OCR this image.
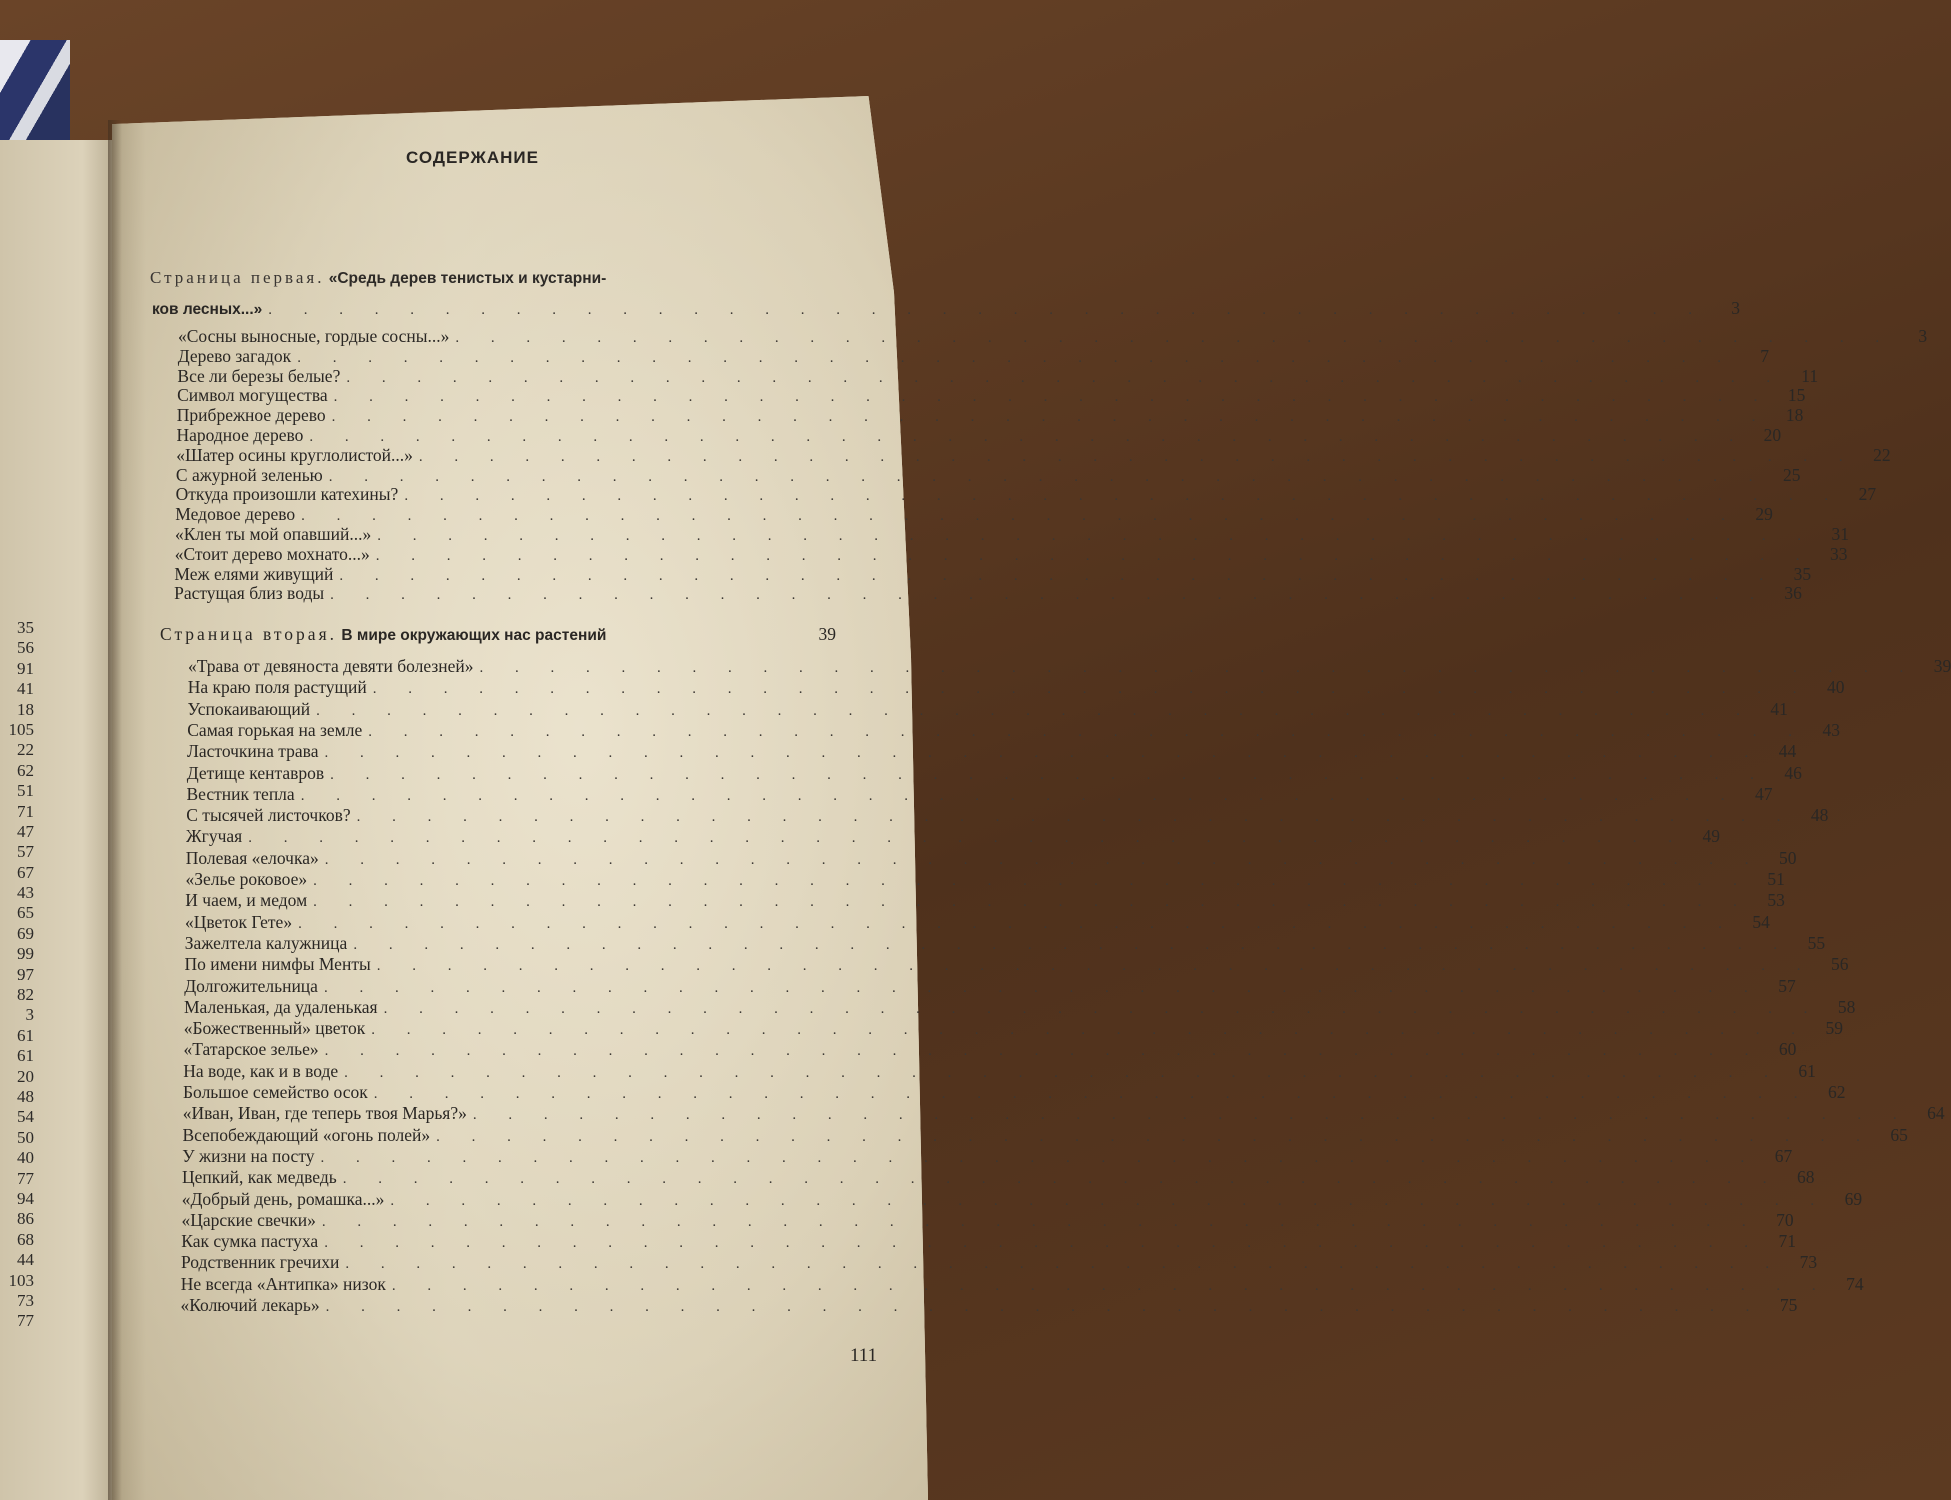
35
56
91
41
18
105
22
62
51
71
47
57
67
43
65
69
99
97
82
3
61
61
20
48
54
50
40
77
94
86
68
44
103
73
77
СОДЕРЖАНИЕ
Страница первая. «Средь дерев тенистых и кустарни-
ков лесных...» . . . . . . . . . . . . . . . . . . . . . . . . . . . . . . . . . . . . . . . . .	3
«Сосны выносные, гордые сосны...» . . . . . . . . . . . . . . . . . . . . . . . . . . . . . . . . . . . . . . . . .	3
Дерево загадок . . . . . . . . . . . . . . . . . . . . . . . . . . . . . . . . . . . . . . . . .	7
Все ли березы белые? . . . . . . . . . . . . . . . . . . . . . . . . . . . . . . . . . . . . . . . . . 11
Символ могущества . . . . . . . . . . . . . . . . . . . . . . . . . . . . . . . . . . . . . . . . . 15
Прибрежное дерево . . . . . . . . . . . . . . . . . . . . . . . . . . . . . . . . . . . . . . . . . 18
Народное дерево . . . . . . . . . . . . . . . . . . . . . . . . . . . . . . . . . . . . . . . . . 20
«Шатер осины круглолистой...» . . . . . . . . . . . . . . . . . . . . . . . . . . . . . . . . . . . . . . . . . 22
С ажурной зеленью . . . . . . . . . . . . . . . . . . . . . . . . . . . . . . . . . . . . . . . . . 25
Откуда произошли катехины? . . . . . . . . . . . . . . . . . . . . . . . . . . . . . . . . . . . . . . . . . 27
Медовое дерево . . . . . . . . . . . . . . . . . . . . . . . . . . . . . . . . . . . . . . . . . 29
«Клен ты мой опавший...» . . . . . . . . . . . . . . . . . . . . . . . . . . . . . . . . . . . . . . . . . 31
«Стоит дерево мохнато...» . . . . . . . . . . . . . . . . . . . . . . . . . . . . . . . . . . . . . . . . . 33
Меж елями живущий . . . . . . . . . . . . . . . . . . . . . . . . . . . . . . . . . . . . . . . . . 35
Растущая близ воды . . . . . . . . . . . . . . . . . . . . . . . . . . . . . . . . . . . . . . . . . 36
Страница вторая.
В мире окружающих нас растений	39
«Трава от девяноста девяти болезней» . . . . . . . . . . . . . . . . . . . . . . . . . . . . . . . . . . . . . . . . . 39
На краю поля растущий . . . . . . . . . . . . . . . . . . . . . . . . . . . . . . . . . . . . . . . . . 40
Успокаивающий . . . . . . . . . . . . . . . . . . . . . . . . . . . . . . . . . . . . . . . . . 41
Самая горькая на земле . . . . . . . . . . . . . . . . . . . . . . . . . . . . . . . . . . . . . . . . . 43
Ласточкина трава . . . . . . . . . . . . . . . . . . . . . . . . . . . . . . . . . . . . . . . . . 44
Детище кентавров . . . . . . . . . . . . . . . . . . . . . . . . . . . . . . . . . . . . . . . . . 46
Вестник тепла . . . . . . . . . . . . . . . . . . . . . . . . . . . . . . . . . . . . . . . . . 47
С тысячей листочков? . . . . . . . . . . . . . . . . . . . . . . . . . . . . . . . . . . . . . . . . . 48
Жгучая . . . . . . . . . . . . . . . . . . . . . . . . . . . . . . . . . . . . . . . . . 49
Полевая «елочка» . . . . . . . . . . . . . . . . . . . . . . . . . . . . . . . . . . . . . . . . . 50
«Зелье роковое» . . . . . . . . . . . . . . . . . . . . . . . . . . . . . . . . . . . . . . . . . 51
И чаем, и медом . . . . . . . . . . . . . . . . . . . . . . . . . . . . . . . . . . . . . . . . . 53
«Цветок Гете» . . . . . . . . . . . . . . . . . . . . . . . . . . . . . . . . . . . . . . . . . 54
Зажелтела калужница . . . . . . . . . . . . . . . . . . . . . . . . . . . . . . . . . . . . . . . . . 55
По имени нимфы Менты . . . . . . . . . . . . . . . . . . . . . . . . . . . . . . . . . . . . . . . . . 56
Долгожительница . . . . . . . . . . . . . . . . . . . . . . . . . . . . . . . . . . . . . . . . . 57
Маленькая, да удаленькая . . . . . . . . . . . . . . . . . . . . . . . . . . . . . . . . . . . . . . . . . 58
«Божественный» цветок . . . . . . . . . . . . . . . . . . . . . . . . . . . . . . . . . . . . . . . . . 59
«Татарское зелье» . . . . . . . . . . . . . . . . . . . . . . . . . . . . . . . . . . . . . . . . . 60
На воде, как и в воде . . . . . . . . . . . . . . . . . . . . . . . . . . . . . . . . . . . . . . . . . 61
Большое семейство осок . . . . . . . . . . . . . . . . . . . . . . . . . . . . . . . . . . . . . . . . . 62
«Иван, Иван, где теперь твоя Марья?» . . . . . . . . . . . . . . . . . . . . . . . . . . . . . . . . . . . . . . . . . 64
Всепобеждающий «огонь полей» . . . . . . . . . . . . . . . . . . . . . . . . . . . . . . . . . . . . . . . . . 65
У жизни на посту . . . . . . . . . . . . . . . . . . . . . . . . . . . . . . . . . . . . . . . . . 67
Цепкий, как медведь . . . . . . . . . . . . . . . . . . . . . . . . . . . . . . . . . . . . . . . . . 68
«Добрый день, ромашка...» . . . . . . . . . . . . . . . . . . . . . . . . . . . . . . . . . . . . . . . . . 69
«Царские свечки» . . . . . . . . . . . . . . . . . . . . . . . . . . . . . . . . . . . . . . . . . 70
Как сумка пастуха . . . . . . . . . . . . . . . . . . . . . . . . . . . . . . . . . . . . . . . . . 71
Родственник гречихи . . . . . . . . . . . . . . . . . . . . . . . . . . . . . . . . . . . . . . . . . 73
Не всегда «Антипка» низок . . . . . . . . . . . . . . . . . . . . . . . . . . . . . . . . . . . . . . . . . 74
«Колючий лекарь» . . . . . . . . . . . . . . . . . . . . . . . . . . . . . . . . . . . . . . . . . 75
111
